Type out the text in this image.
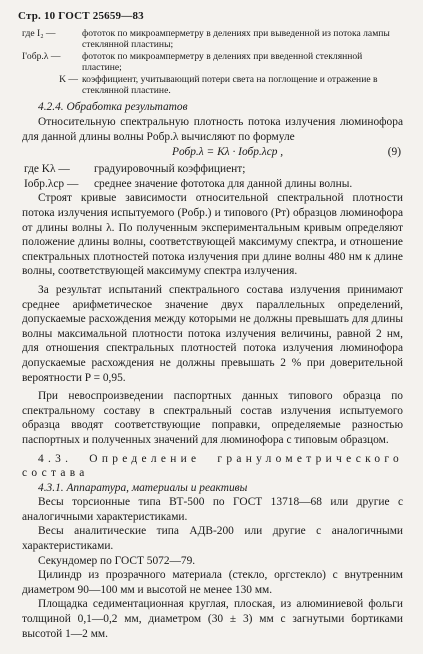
Стр. 10 ГОСТ 25659—83
где I₂ —	фототок по микроамперметру в делениях при выведенной из потока лампы стеклянной пластины;
I'обр.λ —	фототок по микроамперметру в делениях при введенной стеклянной пластине;
K — коэффициент, учитывающий потери света на поглощение и отражение в стеклянной пластине.
4.2.4. Обработка результатов
Относительную спектральную плотность потока излучения люминофора для данной длины волны Pобр.λ вычисляют по формуле
Pобр.λ = Kλ · Iобр.λср ,	(9)
где Kλ —	градуировочный коэффициент;
Iобр.λср —	среднее значение фототока для данной длины волны.
Строят кривые зависимости относительной спектральной плотности потока излучения испытуемого (Pобр.) и типового (Pт) образцов люминофора от длины волны λ. По полученным экспериментальным кривым определяют положение длины волны, соответствующей максимуму спектра, и отношение спектральных плотностей потока излучения при длине волны 480 нм к длине волны, соответствующей максимуму спектра излучения.
За результат испытаний спектрального состава излучения принимают среднее арифметическое значение двух параллельных определений, допускаемые расхождения между которыми не должны превышать для длины волны максимальной плотности потока излучения величины, равной 2 нм, для отношения спектральных плотностей потока излучения люминофора допускаемые расхождения не должны превышать 2 % при доверительной вероятности P = 0,95.
При невоспроизведении паспортных данных типового образца по спектральному составу в спектральный состав излучения испытуемого образца вводят соответствующие поправки, определяемые разностью паспортных и полученных значений для люминофора с типовым образцом.
4.3. Определение гранулометрического состава
4.3.1. Аппаратура, материалы и реактивы
Весы торсионные типа ВТ-500 по ГОСТ 13718—68 или другие с аналогичными характеристиками.
Весы аналитические типа АДВ-200 или другие с аналогичными характеристиками.
Секундомер по ГОСТ 5072—79.
Цилиндр из прозрачного материала (стекло, оргстекло) с внутренним диаметром 90—100 мм и высотой не менее 130 мм.
Площадка седиментационная круглая, плоская, из алюминиевой фольги толщиной 0,1—0,2 мм, диаметром (30 ± 3) мм с загнутыми бортиками высотой 1—2 мм.
